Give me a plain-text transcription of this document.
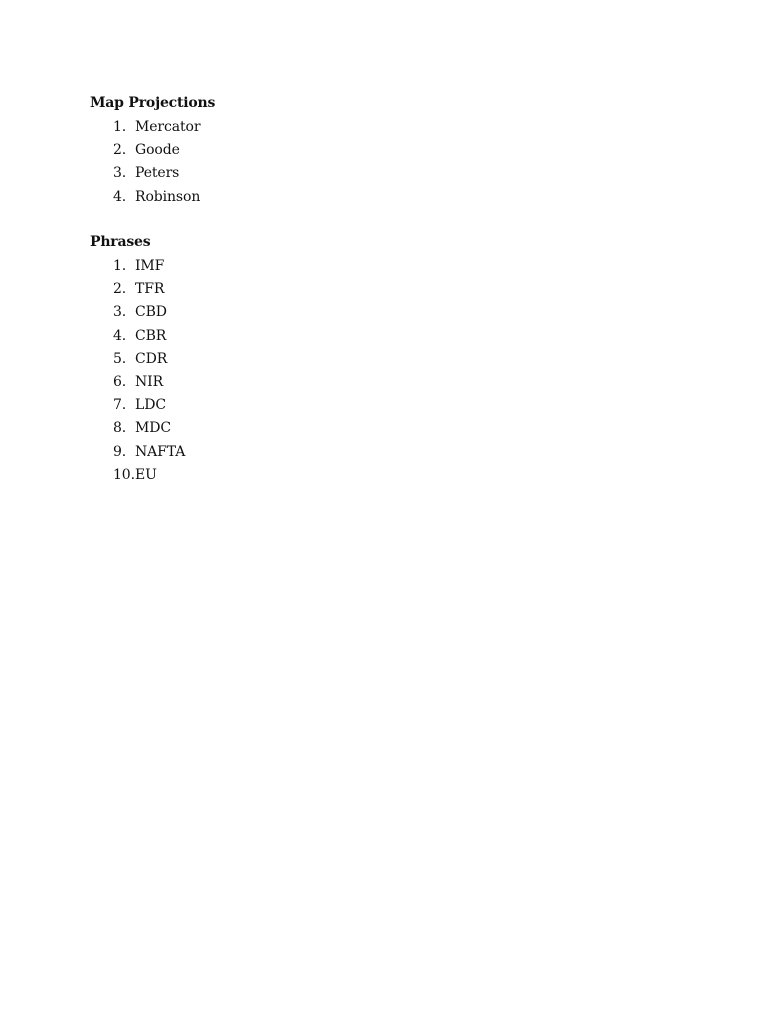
Map Projections

1. Mercator
2. Goode
3. Peters
4. Robinson

Phrases

1. IMF
2. TFR
3. CBD
4. CBR
5. CDR
6. NIR
7. LDC
8. MDC
9. NAFTA
10. EU
